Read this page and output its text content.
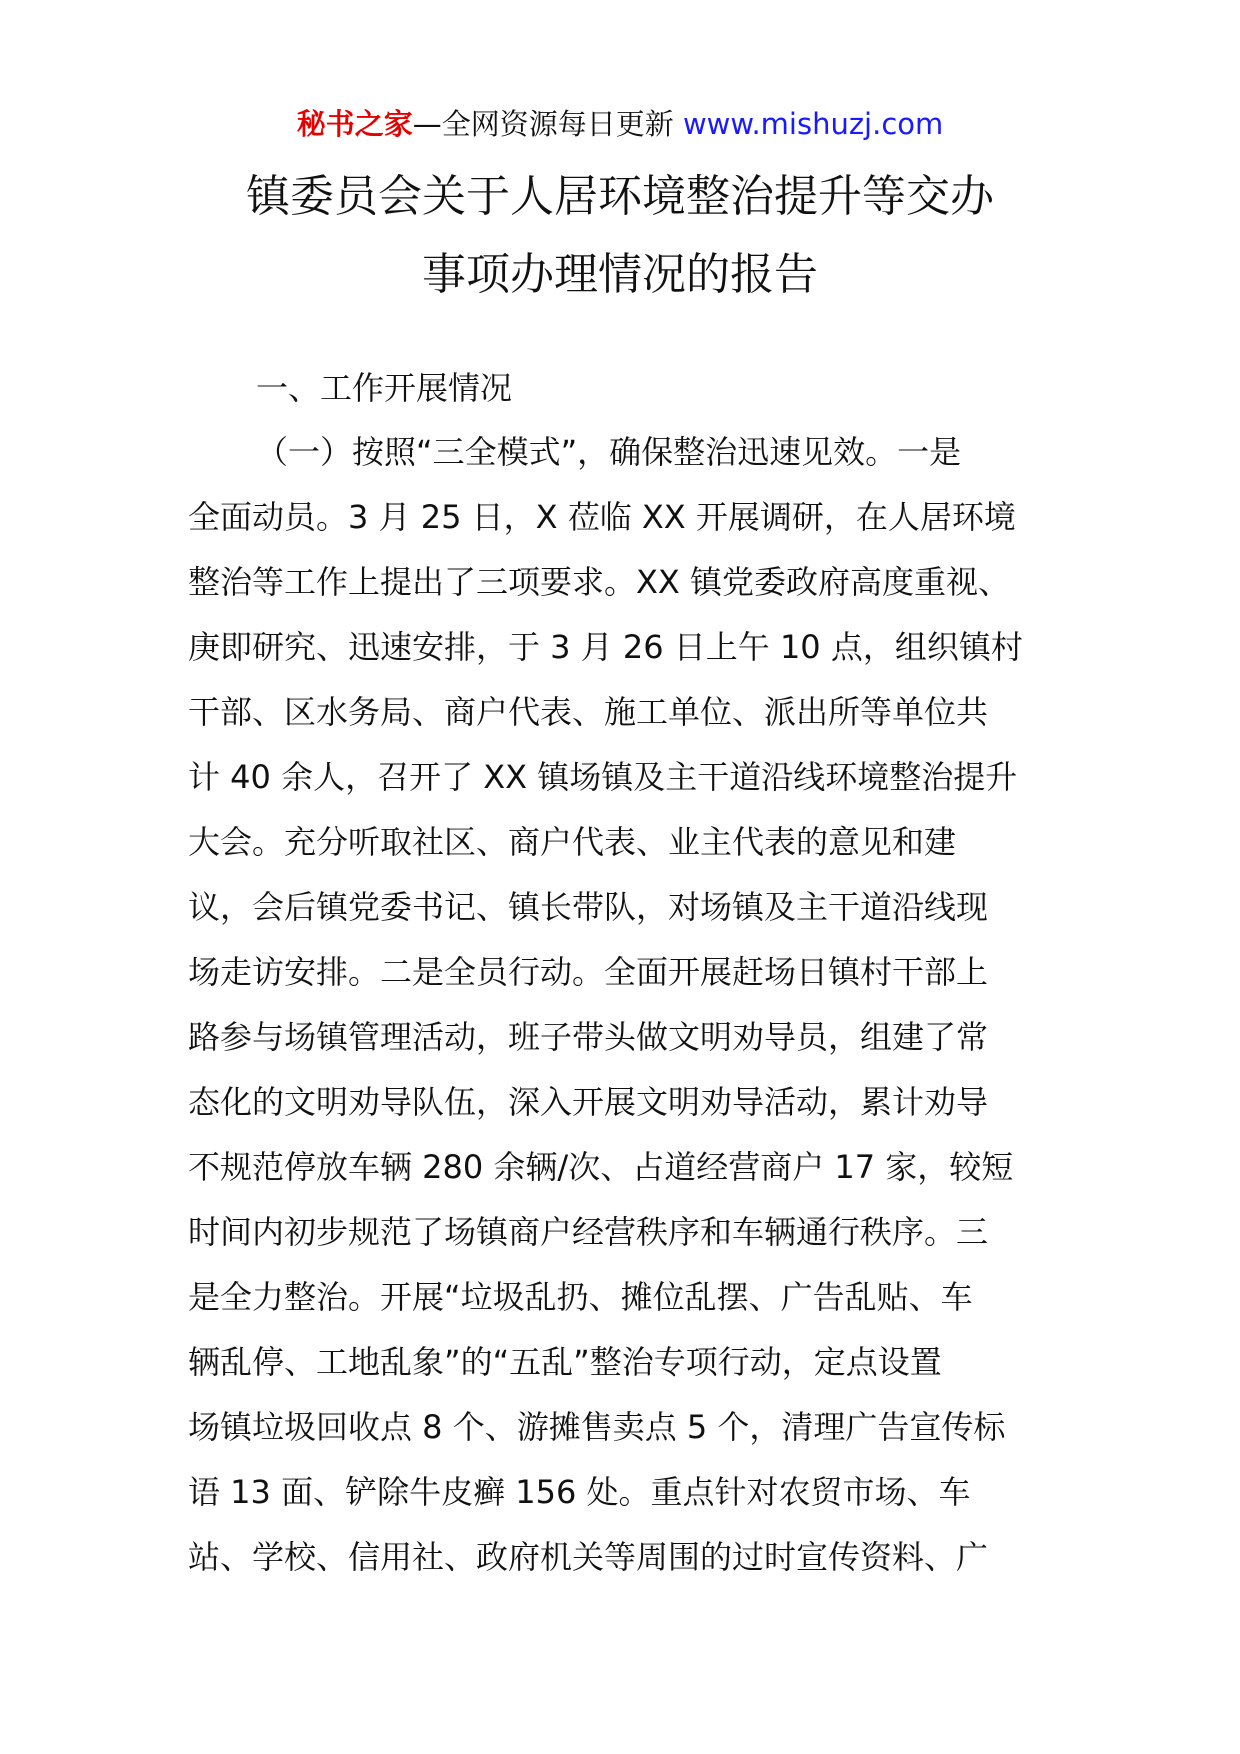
秘书之家—全网资源每日更新 www.mishuzj.com
镇委员会关于人居环境整治提升等交办
事项办理情况的报告
一、工作开展情况
（一）按照“三全模式”，确保整治迅速见效。一是
全面动员。3 月 25 日，X 莅临 XX 开展调研，在人居环境
整治等工作上提出了三项要求。XX 镇党委政府高度重视、
庚即研究、迅速安排，于 3 月 26 日上午 10 点，组织镇村
干部、区水务局、商户代表、施工单位、派出所等单位共
计 40 余人，召开了 XX 镇场镇及主干道沿线环境整治提升
大会。充分听取社区、商户代表、业主代表的意见和建
议，会后镇党委书记、镇长带队，对场镇及主干道沿线现
场走访安排。二是全员行动。全面开展赶场日镇村干部上
路参与场镇管理活动，班子带头做文明劝导员，组建了常
态化的文明劝导队伍，深入开展文明劝导活动，累计劝导
不规范停放车辆 280 余辆/次、占道经营商户 17 家，较短
时间内初步规范了场镇商户经营秩序和车辆通行秩序。三
是全力整治。开展“垃圾乱扔、摊位乱摆、广告乱贴、车
辆乱停、工地乱象”的“五乱”整治专项行动，定点设置
场镇垃圾回收点 8 个、游摊售卖点 5 个，清理广告宣传标
语 13 面、铲除牛皮癣 156 处。重点针对农贸市场、车
站、学校、信用社、政府机关等周围的过时宣传资料、广
